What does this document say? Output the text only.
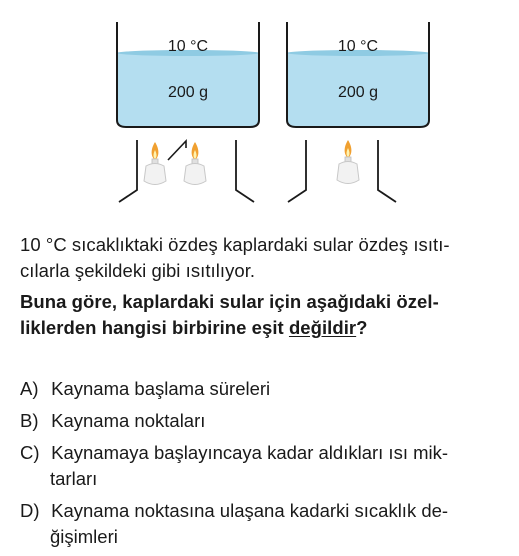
10 °C
200 g
10 °C
200 g
10 °C sıcaklıktaki özdeş kaplardaki sular özdeş ısıtı-
cılarla şekildeki gibi ısıtılıyor.
Buna göre, kaplardaki sular için aşağıdaki özel-
liklerden hangisi birbirine eşit değildir?
A) Kaynama başlama süreleri
B) Kaynama noktaları
C) Kaynamaya başlayıncaya kadar aldıkları ısı mik-
tarları
D) Kaynama noktasına ulaşana kadarki sıcaklık de-
ğişimleri
